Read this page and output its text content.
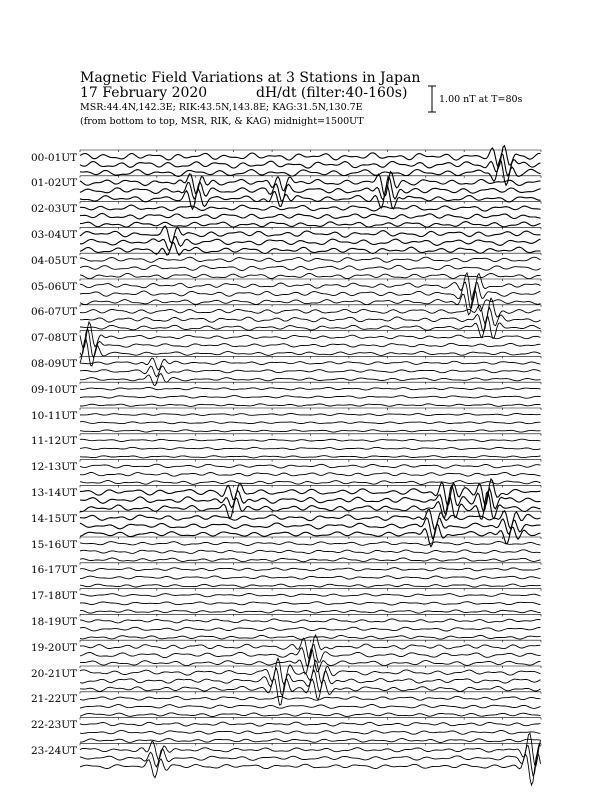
Magnetic Field Variations at 3 Stations in Japan
17 February 2020	dH/dt (filter:40-160s)
MSR:44.4N,142.3E; RIK:43.5N,143.8E; KAG:31.5N,130.7E
(from bottom to top, MSR, RIK, & KAG) midnight=1500UT
1.00 nT at T=80s
00-01UT
01-02UT
02-03UT
03-04UT
04-05UT
05-06UT
06-07UT
07-08UT
08-09UT
09-10UT
10-11UT
11-12UT
12-13UT
13-14UT
14-15UT
15-16UT
16-17UT
17-18UT
18-19UT
19-20UT
20-21UT
21-22UT
22-23UT
23-24UT
